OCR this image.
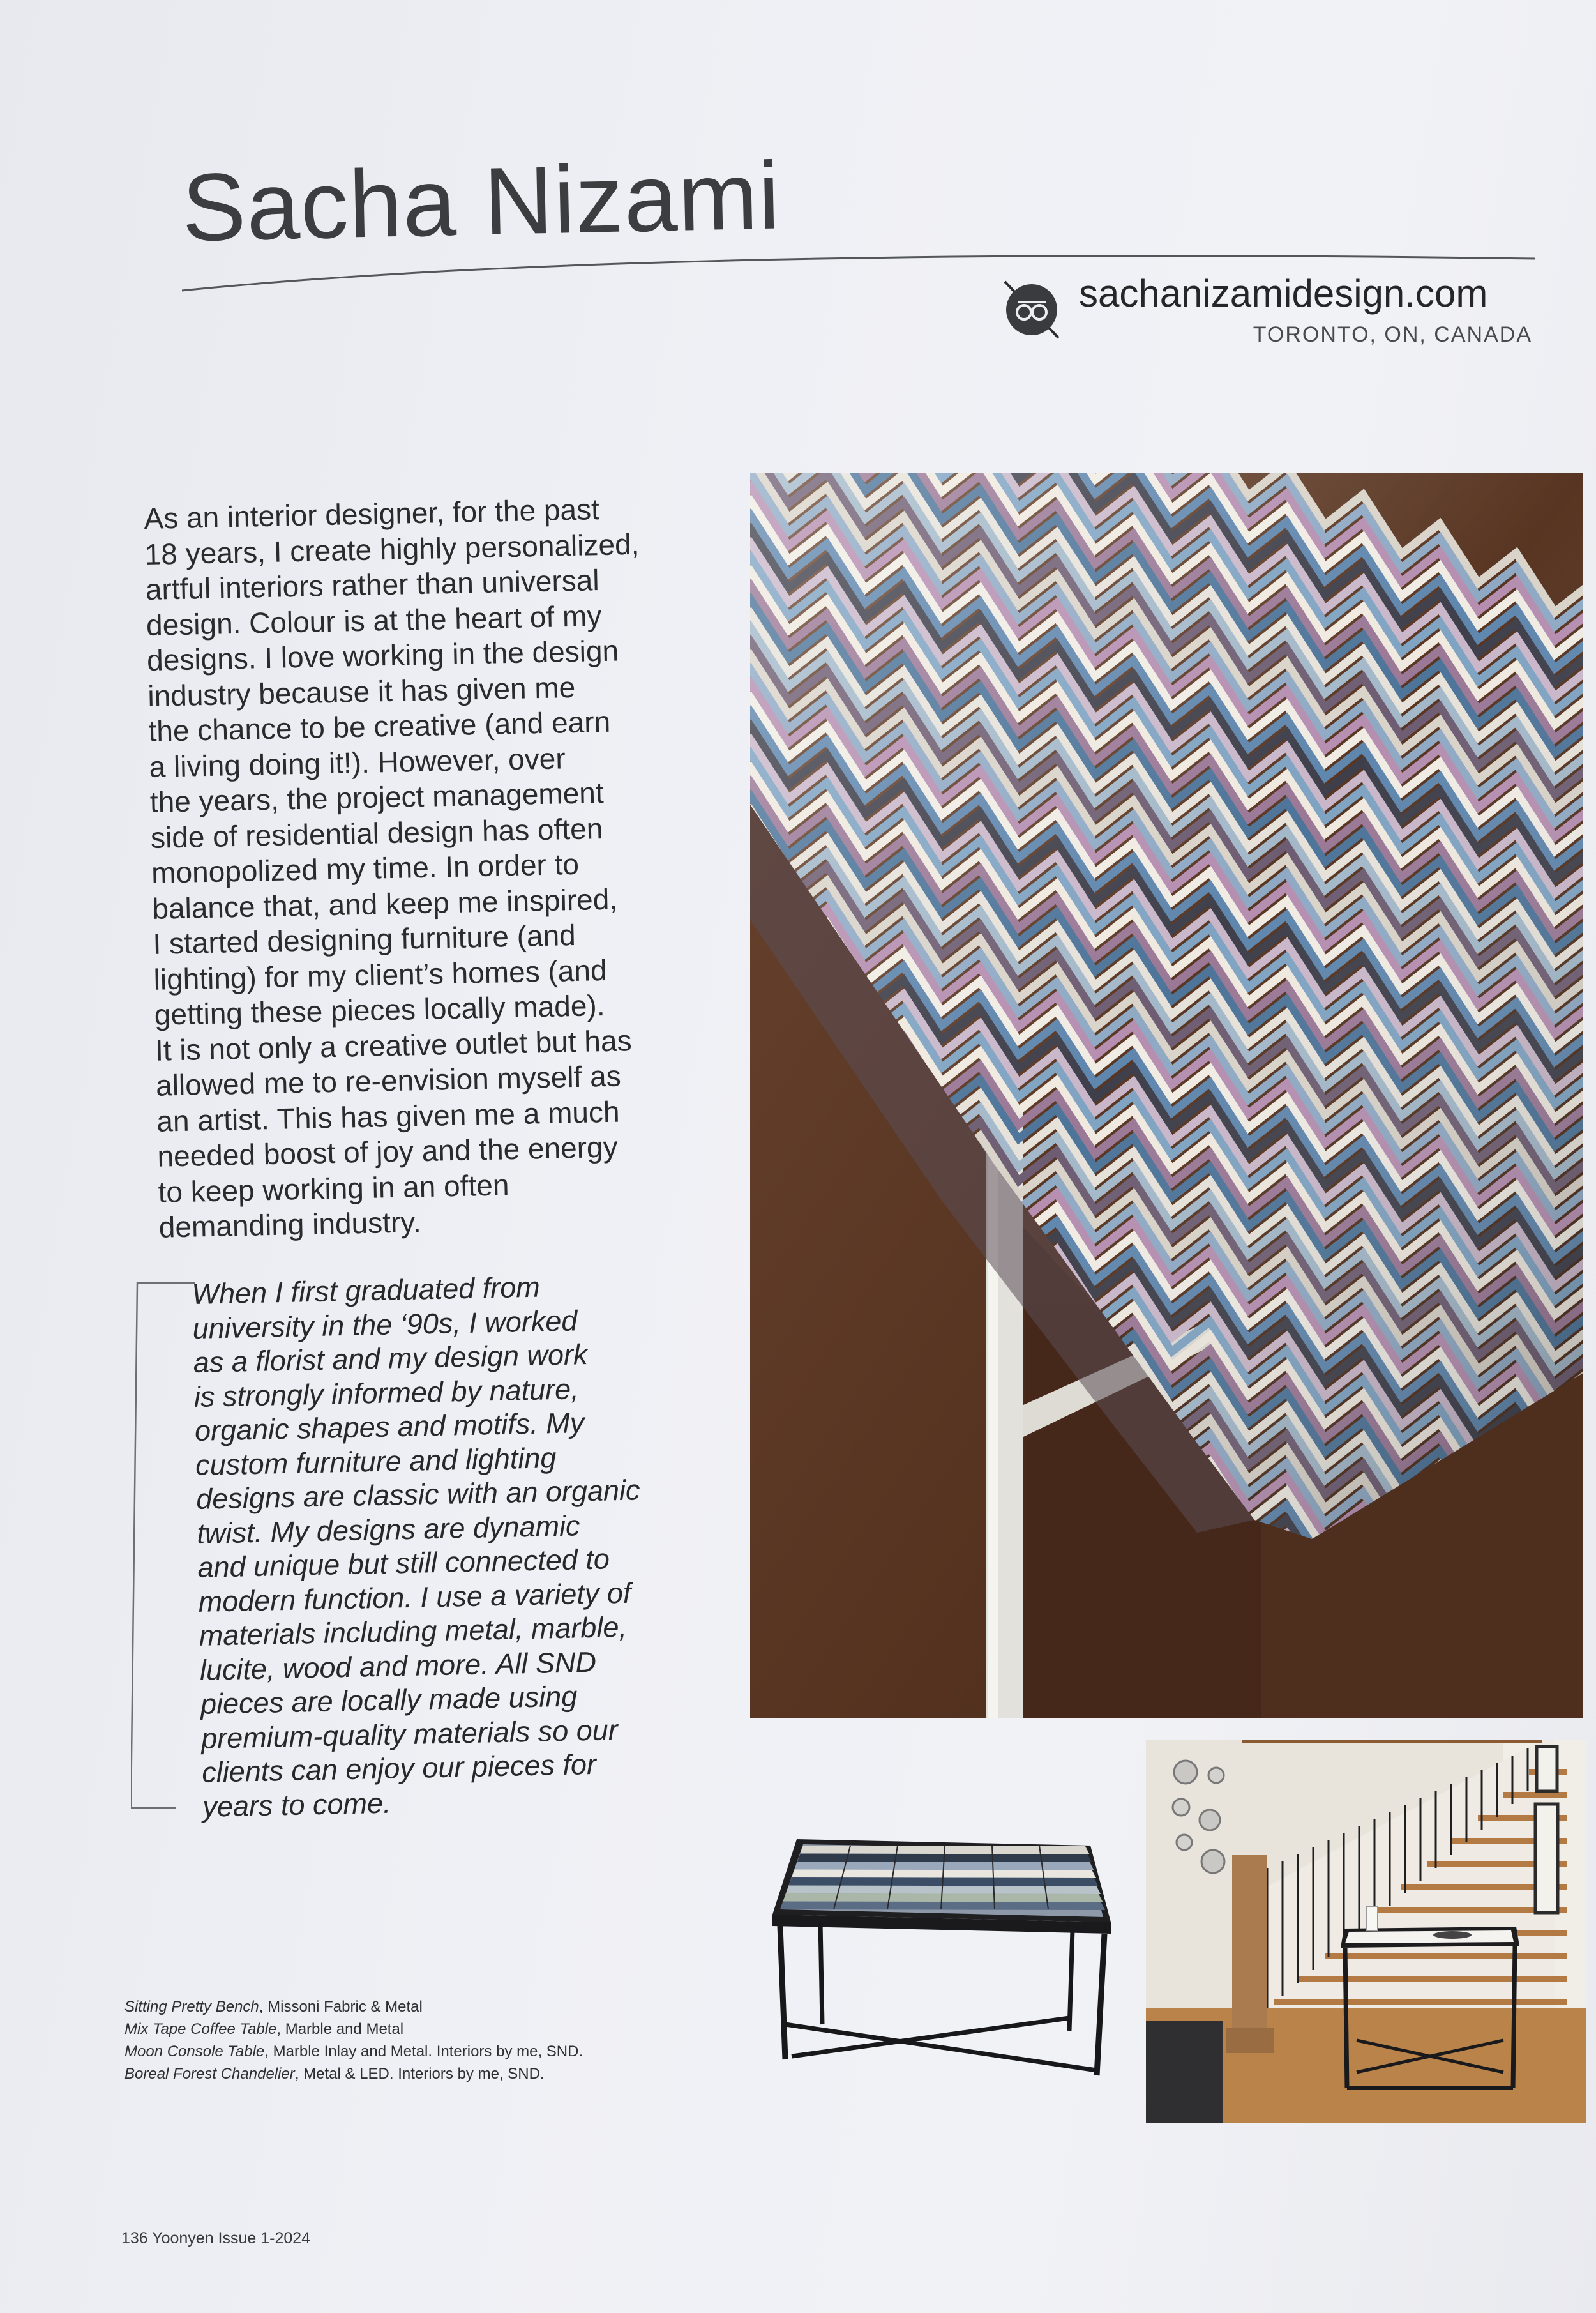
Sacha Nizami
sachanizamidesign.com
TORONTO, ON, CANADA

As an interior designer, for the past
18 years, I create highly personalized,
artful interiors rather than universal
design. Colour is at the heart of my
designs. I love working in the design
industry because it has given me
the chance to be creative (and earn
a living doing it!). However, over
the years, the project management
side of residential design has often
monopolized my time. In order to
balance that, and keep me inspired,
I started designing furniture (and
lighting) for my client’s homes (and
getting these pieces locally made).
It is not only a creative outlet but has
allowed me to re-envision myself as
an artist. This has given me a much
needed boost of joy and the energy
to keep working in an often
demanding industry.

When I first graduated from
university in the ‘90s, I worked
as a florist and my design work
is strongly informed by nature,
organic shapes and motifs. My
custom furniture and lighting
designs are classic with an organic
twist. My designs are dynamic
and unique but still connected to
modern function. I use a variety of
materials including metal, marble,
lucite, wood and more. All SND
pieces are locally made using
premium-quality materials so our
clients can enjoy our pieces for
years to come.

Sitting Pretty Bench, Missoni Fabric & Metal
Mix Tape Coffee Table, Marble and Metal
Moon Console Table, Marble Inlay and Metal. Interiors by me, SND.
Boreal Forest Chandelier, Metal & LED. Interiors by me, SND.
136 Yoonyen Issue 1-2024
